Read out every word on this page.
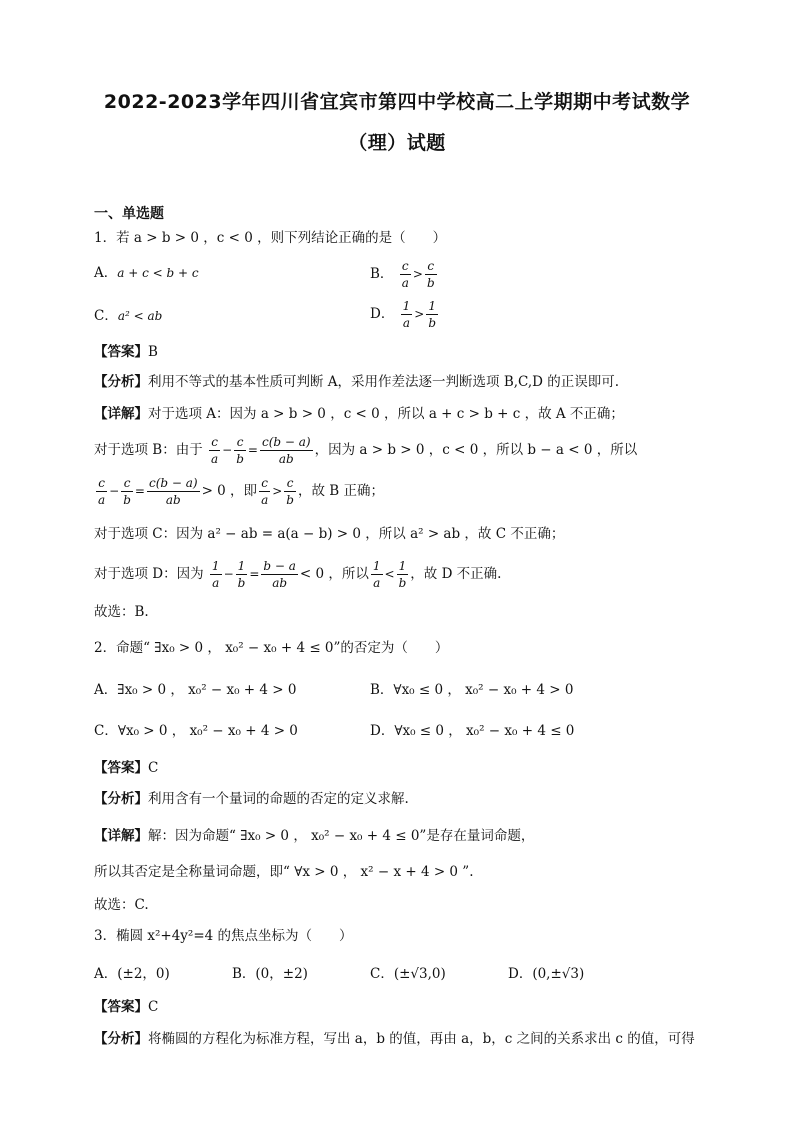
2022-2023学年四川省宜宾市第四中学校高二上学期期中考试数学
（理）试题
一、单选题
1．若 a > b > 0 ，c < 0 ，则下列结论正确的是（　　）
A．a + c < b + c	B． $\frac{c}{a} > \frac{c}{b}$
C．a² < ab	D． $\frac{1}{a} > \frac{1}{b}$
【答案】B
【分析】利用不等式的基本性质可判断 A，采用作差法逐一判断选项 B,C,D 的正误即可.
【详解】对于选项 A：因为 a > b > 0 ，c < 0 ，所以 a + c > b + c ，故 A 不正确；
对于选项 B：由于 $\frac{c}{a} - \frac{c}{b} = \frac{c(b - a)}{ab}$ ，因为 a > b > 0 ，c < 0 ，所以 b − a < 0 ，所以
$\frac{c}{a} - \frac{c}{b} = \frac{c(b - a)}{ab} > 0$ ，即 $\frac{c}{a} > \frac{c}{b}$ ，故 B 正确；
对于选项 C：因为 a² − ab = a(a − b) > 0 ，所以 a² > ab ，故 C 不正确；
对于选项 D：因为 $\frac{1}{a} - \frac{1}{b} = \frac{b - a}{ab} < 0$ ，所以 $\frac{1}{a} < \frac{1}{b}$ ，故 D 不正确.
故选：B.
2．命题“ ∃x₀ > 0 ， x₀² − x₀ + 4 ≤ 0”的否定为（　　）
A．∃x₀ > 0 ， x₀² − x₀ + 4 > 0	B．∀x₀ ≤ 0 ， x₀² − x₀ + 4 > 0
C．∀x₀ > 0 ， x₀² − x₀ + 4 > 0	D．∀x₀ ≤ 0 ， x₀² − x₀ + 4 ≤ 0
【答案】C
【分析】利用含有一个量词的命题的否定的定义求解.
【详解】解：因为命题“ ∃x₀ > 0 ， x₀² − x₀ + 4 ≤ 0”是存在量词命题，
所以其否定是全称量词命题，即“ ∀x > 0 ， x² − x + 4 > 0 ”.
故选：C.
3．椭圆 x²+4y²=4 的焦点坐标为（　　）
A．(±2，0)	B．(0，±2)	C．(±√3,0)	D．(0,±√3)
【答案】C
【分析】将椭圆的方程化为标准方程，写出 a，b 的值，再由 a，b，c 之间的关系求出 c 的值，可得
